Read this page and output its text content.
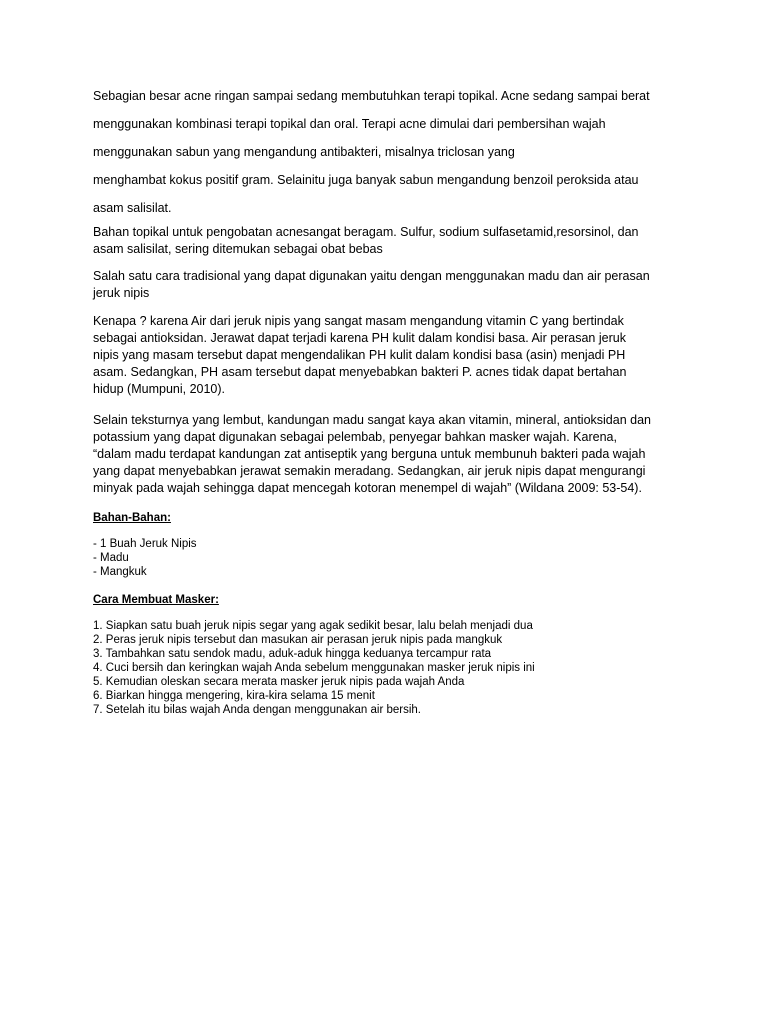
Sebagian besar acne ringan sampai sedang membutuhkan terapi topikal. Acne sedang sampai berat

menggunakan kombinasi terapi topikal dan oral. Terapi acne dimulai dari pembersihan wajah

menggunakan sabun yang mengandung antibakteri, misalnya triclosan yang

menghambat kokus positif gram. Selainitu juga banyak sabun mengandung benzoil peroksida atau

asam salisilat.

Bahan topikal untuk pengobatan acnesangat beragam. Sulfur, sodium sulfasetamid,resorsinol, dan

asam salisilat, sering ditemukan sebagai obat bebas

Salah satu cara tradisional yang dapat digunakan yaitu dengan menggunakan madu dan air perasan

jeruk nipis

Kenapa ? karena Air dari jeruk nipis yang sangat masam mengandung vitamin C yang bertindak

sebagai antioksidan. Jerawat dapat terjadi karena PH kulit dalam kondisi basa. Air perasan jeruk

nipis yang masam tersebut dapat mengendalikan PH kulit dalam kondisi basa (asin) menjadi PH

asam. Sedangkan, PH asam tersebut dapat menyebabkan bakteri P. acnes tidak dapat bertahan

hidup (Mumpuni, 2010).

Selain teksturnya yang lembut, kandungan madu sangat kaya akan vitamin, mineral, antioksidan dan

potassium yang dapat digunakan sebagai pelembab, penyegar bahkan masker wajah. Karena,

“dalam madu terdapat kandungan zat antiseptik yang berguna untuk membunuh bakteri pada wajah

yang dapat menyebabkan jerawat semakin meradang. Sedangkan, air jeruk nipis dapat mengurangi

minyak pada wajah sehingga dapat mencegah kotoran menempel di wajah” (Wildana 2009: 53-54).

Bahan-Bahan:

- 1 Buah Jeruk Nipis

- Madu

- Mangkuk

Cara Membuat Masker:

1. Siapkan satu buah jeruk nipis segar yang agak sedikit besar, lalu belah menjadi dua

2. Peras jeruk nipis tersebut dan masukan air perasan jeruk nipis pada mangkuk

3. Tambahkan satu sendok madu, aduk-aduk hingga keduanya tercampur rata

4. Cuci bersih dan keringkan wajah Anda sebelum menggunakan masker jeruk nipis ini

5. Kemudian oleskan secara merata masker jeruk nipis pada wajah Anda

6. Biarkan hingga mengering, kira-kira selama 15 menit

7. Setelah itu bilas wajah Anda dengan menggunakan air bersih.
